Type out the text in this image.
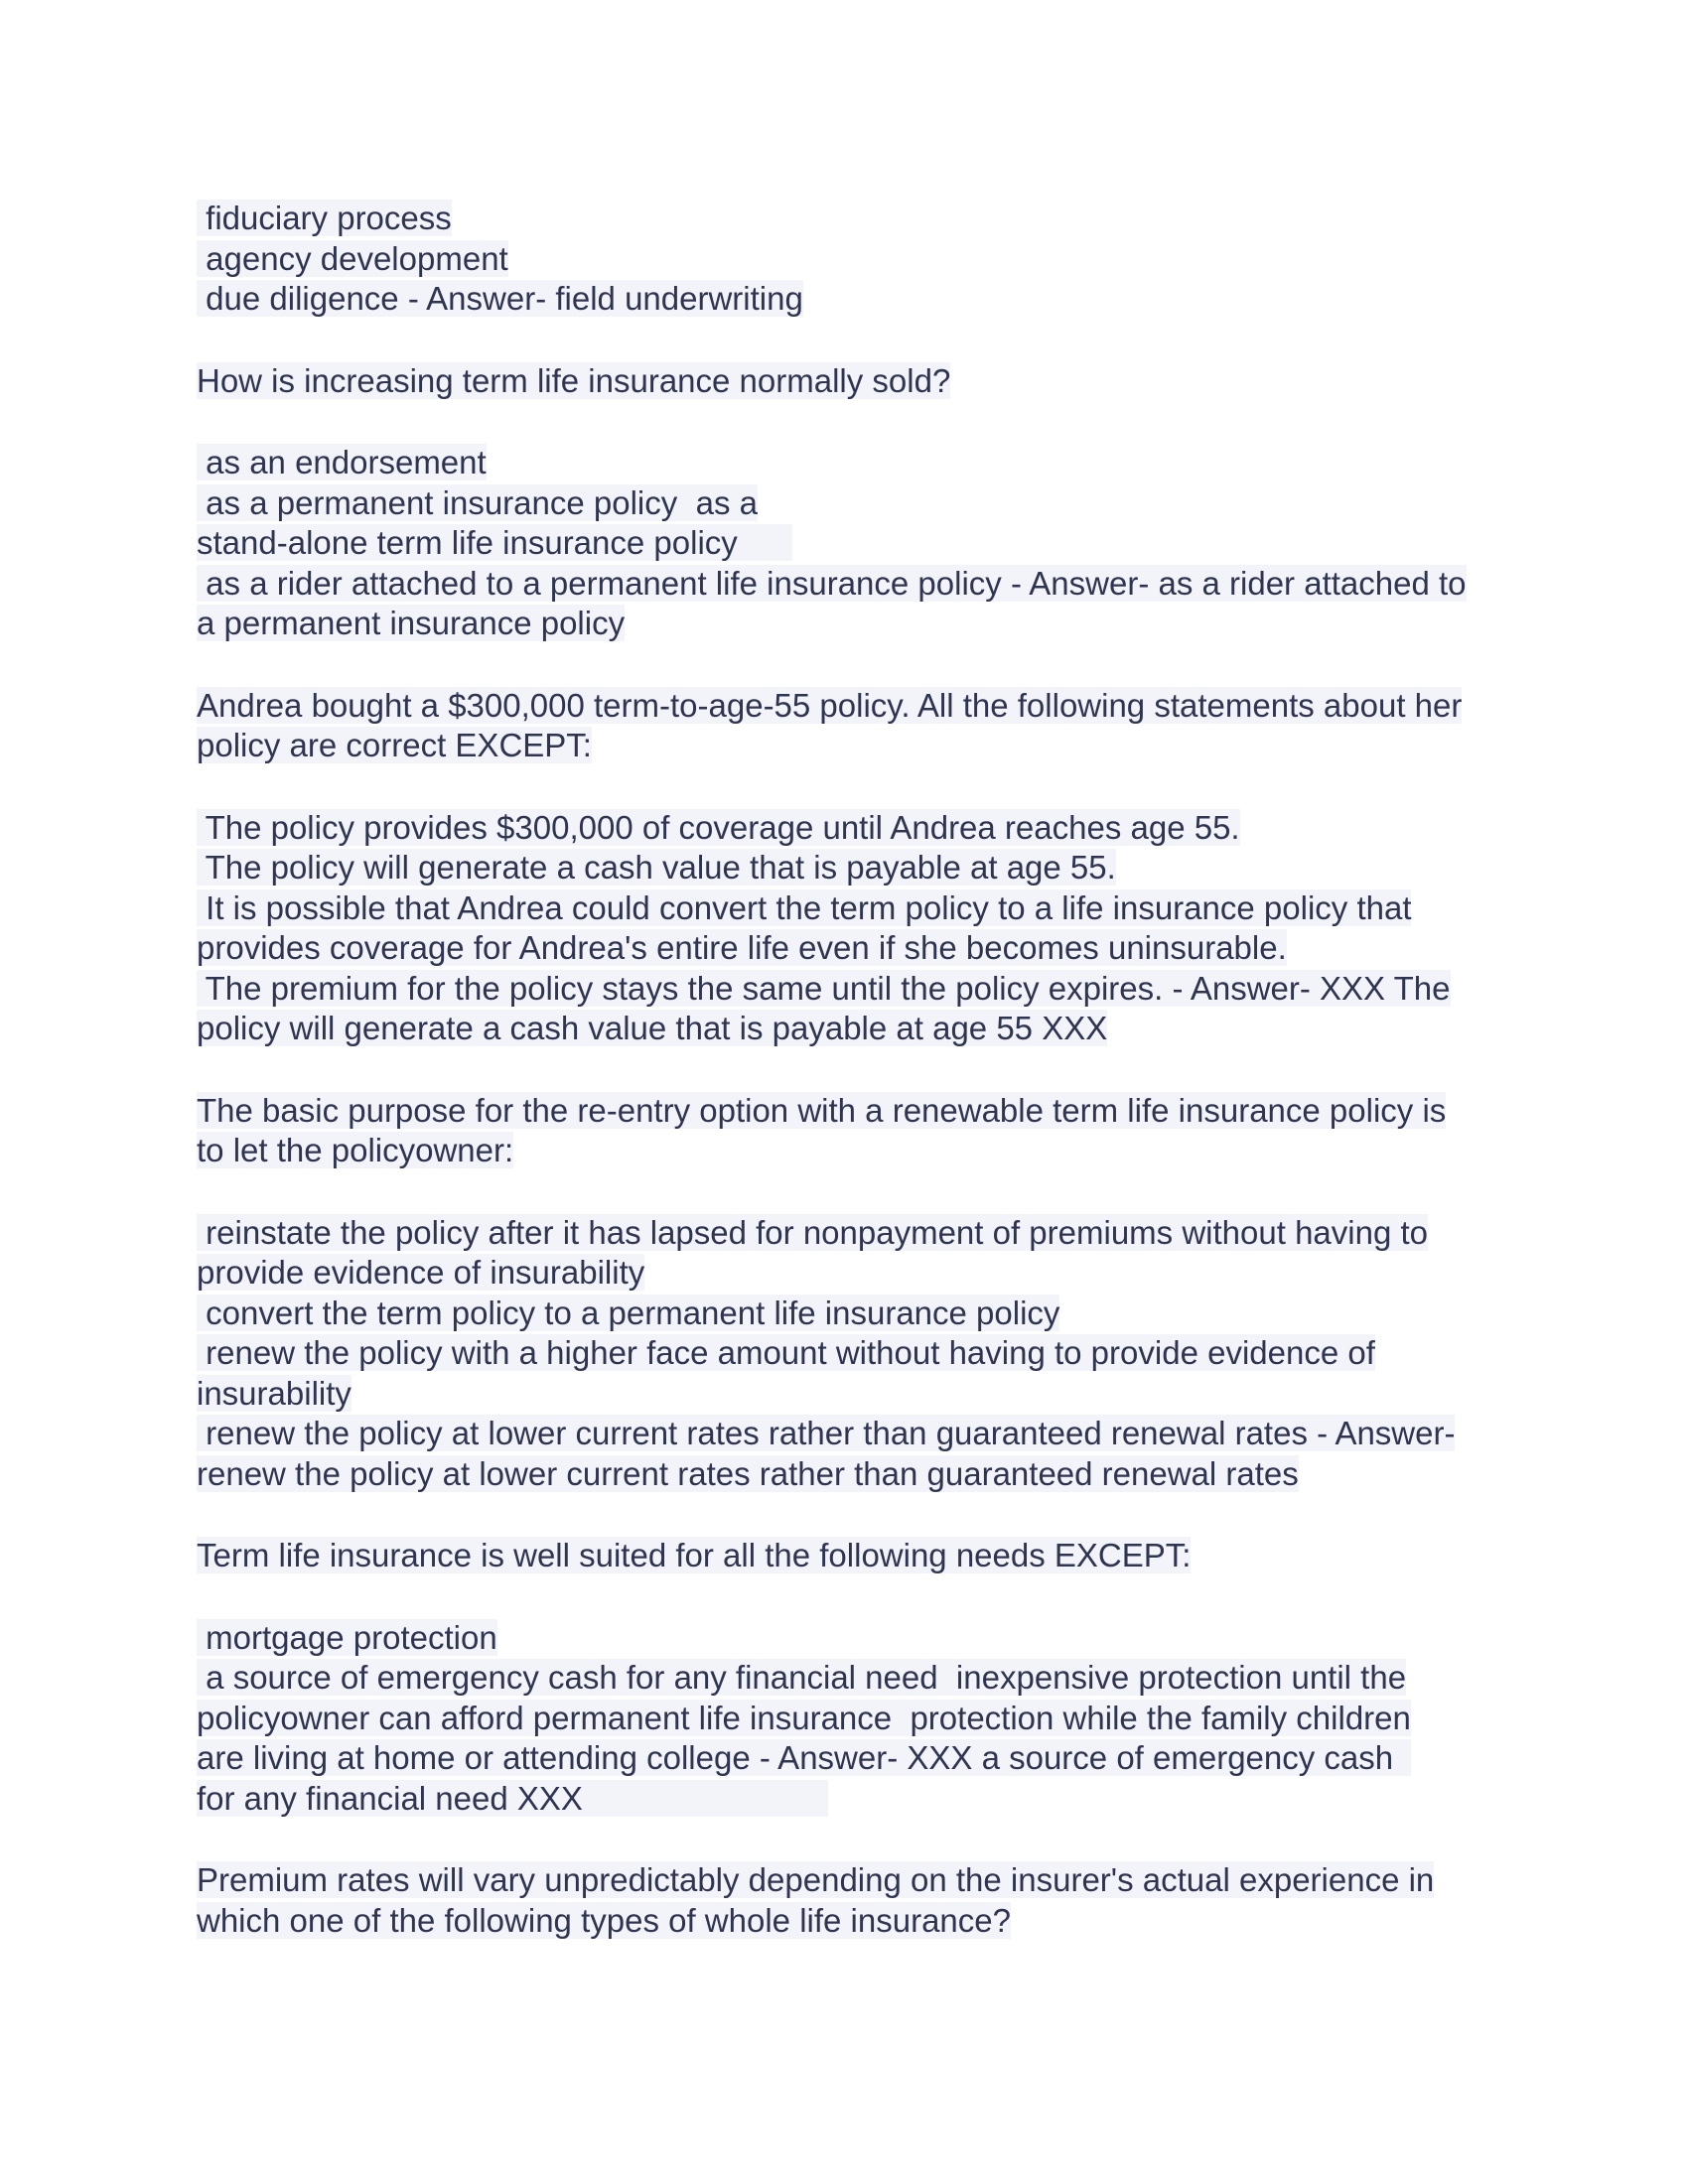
fiduciary process
agency development
due diligence - Answer- field underwriting
How is increasing term life insurance normally sold?
as an endorsement
as a permanent insurance policy  as a
stand-alone term life insurance policy
as a rider attached to a permanent life insurance policy - Answer- as a rider attached to
a permanent insurance policy
Andrea bought a $300,000 term-to-age-55 policy. All the following statements about her
policy are correct EXCEPT:
The policy provides $300,000 of coverage until Andrea reaches age 55.
The policy will generate a cash value that is payable at age 55.
It is possible that Andrea could convert the term policy to a life insurance policy that
provides coverage for Andrea's entire life even if she becomes uninsurable.
The premium for the policy stays the same until the policy expires. - Answer- XXX The
policy will generate a cash value that is payable at age 55 XXX
The basic purpose for the re-entry option with a renewable term life insurance policy is
to let the policyowner:
reinstate the policy after it has lapsed for nonpayment of premiums without having to
provide evidence of insurability
convert the term policy to a permanent life insurance policy
renew the policy with a higher face amount without having to provide evidence of
insurability
renew the policy at lower current rates rather than guaranteed renewal rates - Answer-
renew the policy at lower current rates rather than guaranteed renewal rates
Term life insurance is well suited for all the following needs EXCEPT:
mortgage protection
a source of emergency cash for any financial need  inexpensive protection until the
policyowner can afford permanent life insurance  protection while the family children
are living at home or attending college - Answer- XXX a source of emergency cash
for any financial need XXX
Premium rates will vary unpredictably depending on the insurer's actual experience in
which one of the following types of whole life insurance?
